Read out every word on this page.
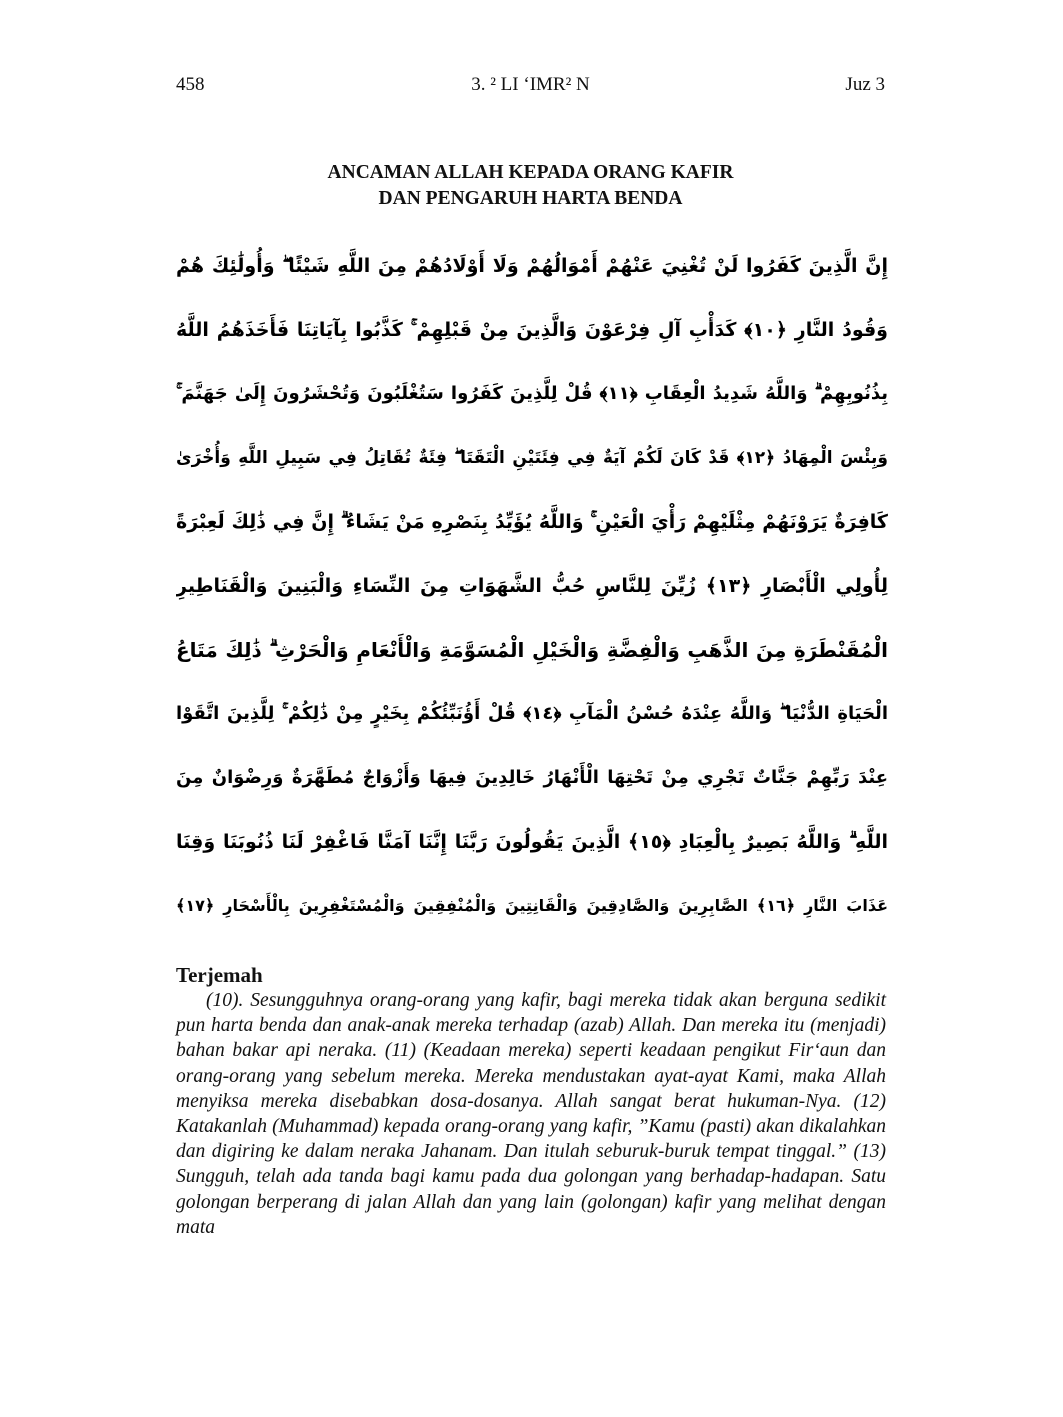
458	3. ² LI ‘IMR² N	Juz 3
ANCAMAN ALLAH KEPADA ORANG KAFIR
DAN PENGARUH HARTA BENDA
إِنَّ الَّذِينَ كَفَرُوا لَنْ تُغْنِيَ عَنْهُمْ أَمْوَالُهُمْ وَلَا أَوْلَادُهُمْ مِنَ اللَّهِ شَيْئًا ۖ وَأُولَٰئِكَ هُمْ
وَقُودُ النَّارِ ﴿١٠﴾ كَدَأْبِ آلِ فِرْعَوْنَ وَالَّذِينَ مِنْ قَبْلِهِمْ ۚ كَذَّبُوا بِآيَاتِنَا فَأَخَذَهُمُ اللَّهُ
بِذُنُوبِهِمْ ۗ وَاللَّهُ شَدِيدُ الْعِقَابِ ﴿١١﴾ قُلْ لِلَّذِينَ كَفَرُوا سَتُغْلَبُونَ وَتُحْشَرُونَ إِلَىٰ جَهَنَّمَ ۚ
وَبِئْسَ الْمِهَادُ ﴿١٢﴾ قَدْ كَانَ لَكُمْ آيَةٌ فِي فِئَتَيْنِ الْتَقَتَا ۖ فِئَةٌ تُقَاتِلُ فِي سَبِيلِ اللَّهِ وَأُخْرَىٰ
كَافِرَةٌ يَرَوْنَهُمْ مِثْلَيْهِمْ رَأْيَ الْعَيْنِ ۚ وَاللَّهُ يُؤَيِّدُ بِنَصْرِهِ مَنْ يَشَاءُ ۗ إِنَّ فِي ذَٰلِكَ لَعِبْرَةً
لِأُولِي الْأَبْصَارِ ﴿١٣﴾ زُيِّنَ لِلنَّاسِ حُبُّ الشَّهَوَاتِ مِنَ النِّسَاءِ وَالْبَنِينَ وَالْقَنَاطِيرِ
الْمُقَنْطَرَةِ مِنَ الذَّهَبِ وَالْفِضَّةِ وَالْخَيْلِ الْمُسَوَّمَةِ وَالْأَنْعَامِ وَالْحَرْثِ ۗ ذَٰلِكَ مَتَاعُ
الْحَيَاةِ الدُّنْيَا ۖ وَاللَّهُ عِنْدَهُ حُسْنُ الْمَآبِ ﴿١٤﴾ قُلْ أَؤُنَبِّئُكُمْ بِخَيْرٍ مِنْ ذَٰلِكُمْ ۚ لِلَّذِينَ اتَّقَوْا
عِنْدَ رَبِّهِمْ جَنَّاتٌ تَجْرِي مِنْ تَحْتِهَا الْأَنْهَارُ خَالِدِينَ فِيهَا وَأَزْوَاجٌ مُطَهَّرَةٌ وَرِضْوَانٌ مِنَ
اللَّهِ ۗ وَاللَّهُ بَصِيرٌ بِالْعِبَادِ ﴿١٥﴾ الَّذِينَ يَقُولُونَ رَبَّنَا إِنَّنَا آمَنَّا فَاغْفِرْ لَنَا ذُنُوبَنَا وَقِنَا
عَذَابَ النَّارِ ﴿١٦﴾ الصَّابِرِينَ وَالصَّادِقِينَ وَالْقَانِتِينَ وَالْمُنْفِقِينَ وَالْمُسْتَغْفِرِينَ بِالْأَسْحَارِ ﴿١٧﴾
Terjemah

(10). Sesungguhnya orang-orang yang kafir, bagi mereka tidak akan berguna sedikit pun harta benda dan anak-anak mereka terhadap (azab) Allah. Dan mereka itu (menjadi) bahan bakar api neraka. (11) (Keadaan mereka) seperti keadaan pengikut Fir‘aun dan orang-orang yang sebelum mereka. Mereka mendustakan ayat-ayat Kami, maka Allah menyiksa mereka disebabkan dosa-dosanya. Allah sangat berat hukuman-Nya. (12) Katakanlah (Muhammad) kepada orang-orang yang kafir, ”Kamu (pasti) akan dikalahkan dan digiring ke dalam neraka Jahanam. Dan itulah seburuk-buruk tempat tinggal.” (13) Sungguh, telah ada tanda bagi kamu pada dua golongan yang berhadap-hadapan. Satu golongan berperang di jalan Allah dan yang lain (golongan) kafir yang melihat dengan mata
